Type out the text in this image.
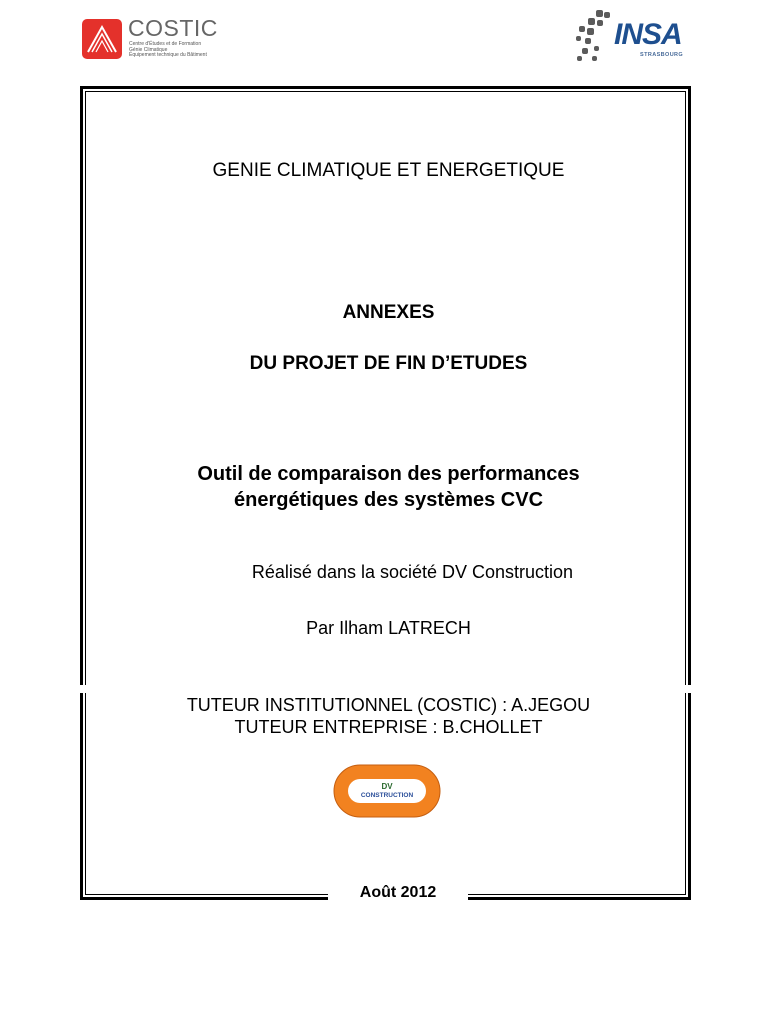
COSTIC
Centre d'Études et de Formation
Génie Climatique
Équipement technique du Bâtiment
INSA
STRASBOURG
GENIE CLIMATIQUE ET ENERGETIQUE
ANNEXES
DU PROJET DE FIN D’ETUDES
Outil de comparaison des performances
énergétiques des systèmes CVC
Réalisé dans la société DV Construction
Par Ilham LATRECH
TUTEUR INSTITUTIONNEL (COSTIC) : A.JEGOU
TUTEUR ENTREPRISE : B.CHOLLET
DV
CONSTRUCTION
Août 2012
